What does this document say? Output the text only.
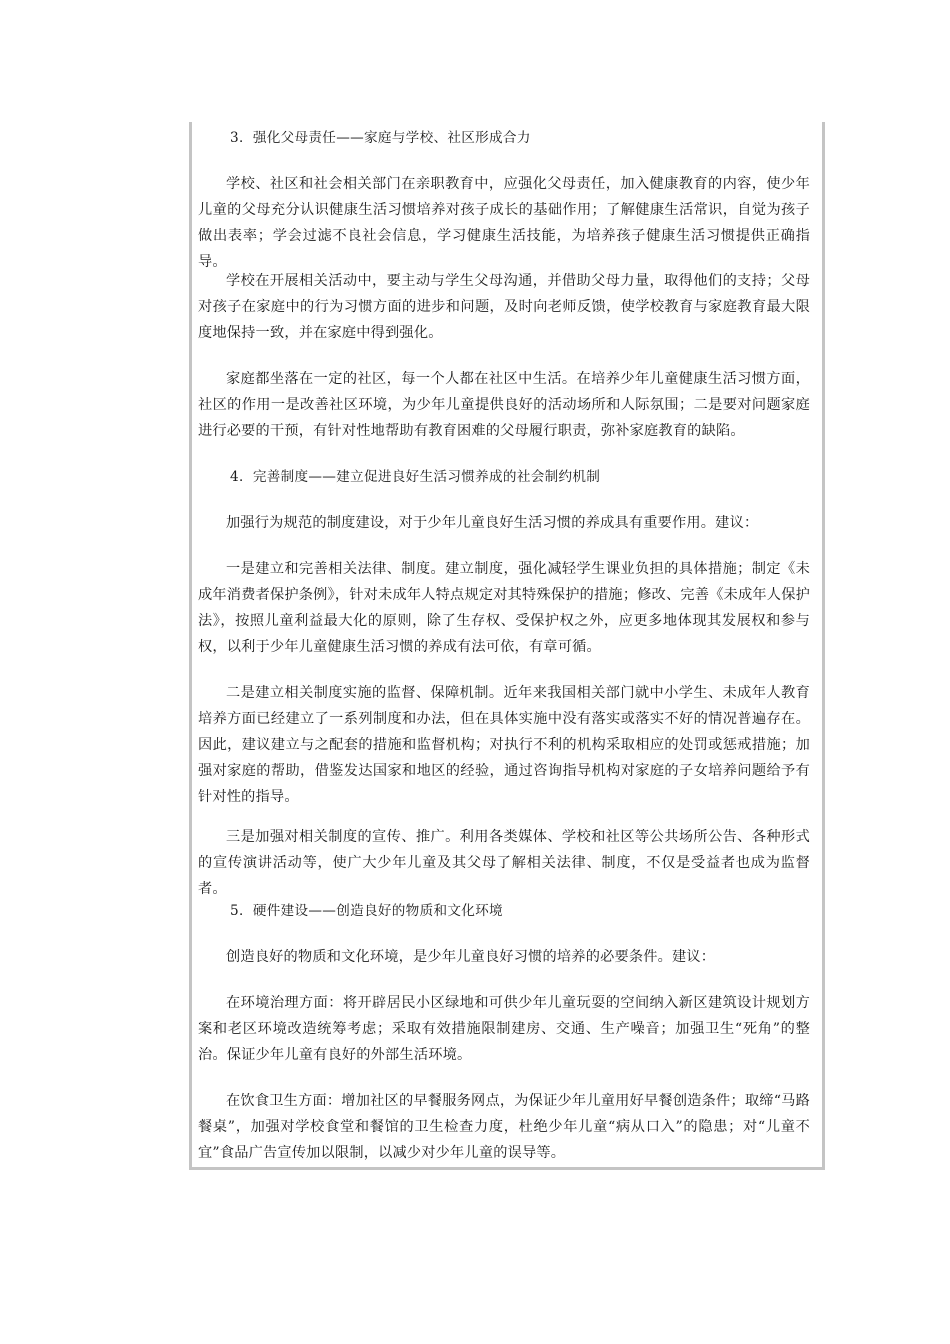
3．强化父母责任——家庭与学校、社区形成合力

学校、社区和社会相关部门在亲职教育中，应强化父母责任，加入健康教育的内容，使少年儿童的父母充分认识健康生活习惯培养对孩子成长的基础作用；了解健康生活常识，自觉为孩子做出表率；学会过滤不良社会信息，学习健康生活技能，为培养孩子健康生活习惯提供正确指导。

学校在开展相关活动中，要主动与学生父母沟通，并借助父母力量，取得他们的支持；父母对孩子在家庭中的行为习惯方面的进步和问题，及时向老师反馈，使学校教育与家庭教育最大限度地保持一致，并在家庭中得到强化。

家庭都坐落在一定的社区，每一个人都在社区中生活。在培养少年儿童健康生活习惯方面，社区的作用一是改善社区环境，为少年儿童提供良好的活动场所和人际氛围；二是要对问题家庭进行必要的干预，有针对性地帮助有教育困难的父母履行职责，弥补家庭教育的缺陷。

4．完善制度——建立促进良好生活习惯养成的社会制约机制

加强行为规范的制度建设，对于少年儿童良好生活习惯的养成具有重要作用。建议：

一是建立和完善相关法律、制度。建立制度，强化减轻学生课业负担的具体措施；制定《未成年消费者保护条例》，针对未成年人特点规定对其特殊保护的措施；修改、完善《未成年人保护法》，按照儿童利益最大化的原则，除了生存权、受保护权之外，应更多地体现其发展权和参与权，以利于少年儿童健康生活习惯的养成有法可依，有章可循。

二是建立相关制度实施的监督、保障机制。近年来我国相关部门就中小学生、未成年人教育培养方面已经建立了一系列制度和办法，但在具体实施中没有落实或落实不好的情况普遍存在。因此，建议建立与之配套的措施和监督机构；对执行不利的机构采取相应的处罚或惩戒措施；加强对家庭的帮助，借鉴发达国家和地区的经验，通过咨询指导机构对家庭的子女培养问题给予有针对性的指导。

三是加强对相关制度的宣传、推广。利用各类媒体、学校和社区等公共场所公告、各种形式的宣传演讲活动等，使广大少年儿童及其父母了解相关法律、制度，不仅是受益者也成为监督者。

5．硬件建设——创造良好的物质和文化环境

创造良好的物质和文化环境，是少年儿童良好习惯的培养的必要条件。建议：

在环境治理方面：将开辟居民小区绿地和可供少年儿童玩耍的空间纳入新区建筑设计规划方案和老区环境改造统筹考虑；采取有效措施限制建房、交通、生产噪音；加强卫生“死角”的整治。保证少年儿童有良好的外部生活环境。

在饮食卫生方面：增加社区的早餐服务网点，为保证少年儿童用好早餐创造条件；取缔“马路餐桌”，加强对学校食堂和餐馆的卫生检查力度，杜绝少年儿童“病从口入”的隐患；对“儿童不宜”食品广告宣传加以限制，以减少对少年儿童的误导等。
